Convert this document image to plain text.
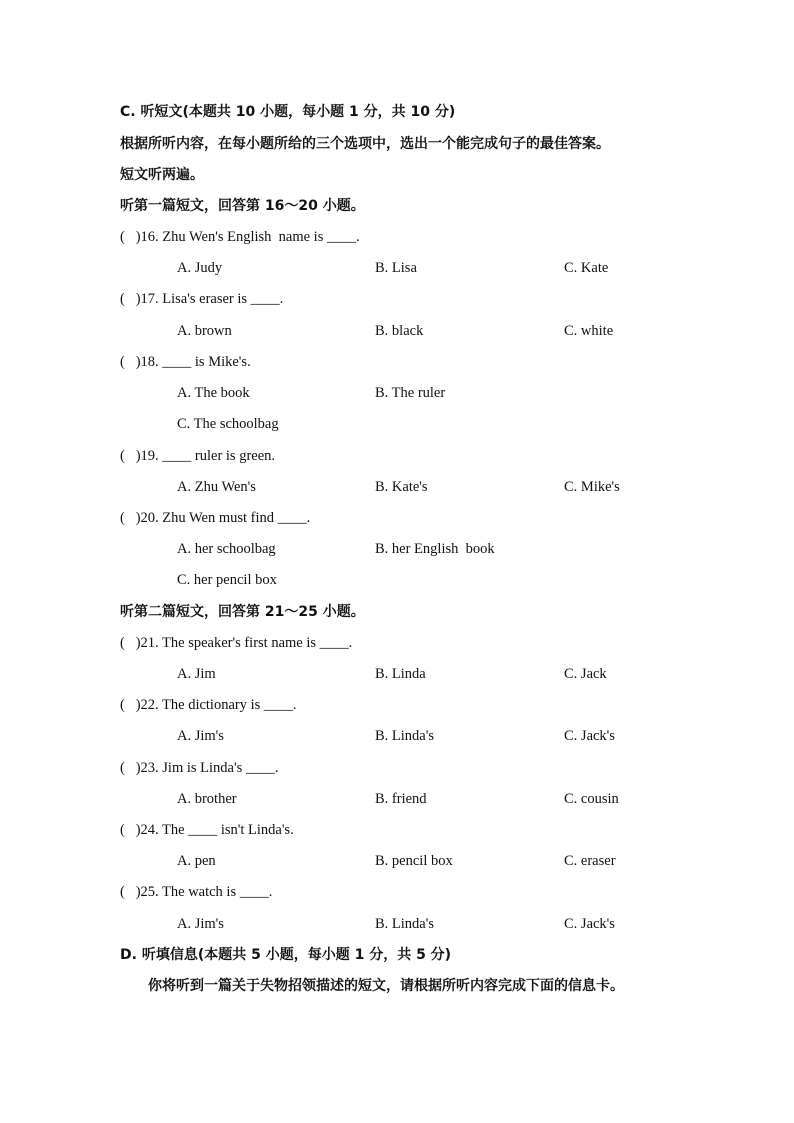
C. 听短文(本题共 10 小题，每小题 1 分，共 10 分)
根据所听内容，在每小题所给的三个选项中，选出一个能完成句子的最佳答案。
短文听两遍。
听第一篇短文，回答第 16～20 小题。
(   )16. Zhu Wen's English  name is ____.
A. Judy	B. Lisa	C. Kate
(   )17. Lisa's eraser is ____.
A. brown	B. black	C. white
(   )18. ____ is Mike's.
A. The book	B. The ruler
C. The schoolbag
(   )19. ____ ruler is green.
A. Zhu Wen's	B. Kate's	C. Mike's
(   )20. Zhu Wen must find ____.
A. her schoolbag	B. her English  book
C. her pencil box
听第二篇短文，回答第 21～25 小题。
(   )21. The speaker's first name is ____.
A. Jim	B. Linda	C. Jack
(   )22. The dictionary is ____.
A. Jim's	B. Linda's	C. Jack's
(   )23. Jim is Linda's ____.
A. brother	B. friend	C. cousin
(   )24. The ____ isn't Linda's.
A. pen	B. pencil box	C. eraser
(   )25. The watch is ____.
A. Jim's	B. Linda's	C. Jack's
D. 听填信息(本题共 5 小题，每小题 1 分，共 5 分)
你将听到一篇关于失物招领描述的短文，请根据所听内容完成下面的信息卡。
